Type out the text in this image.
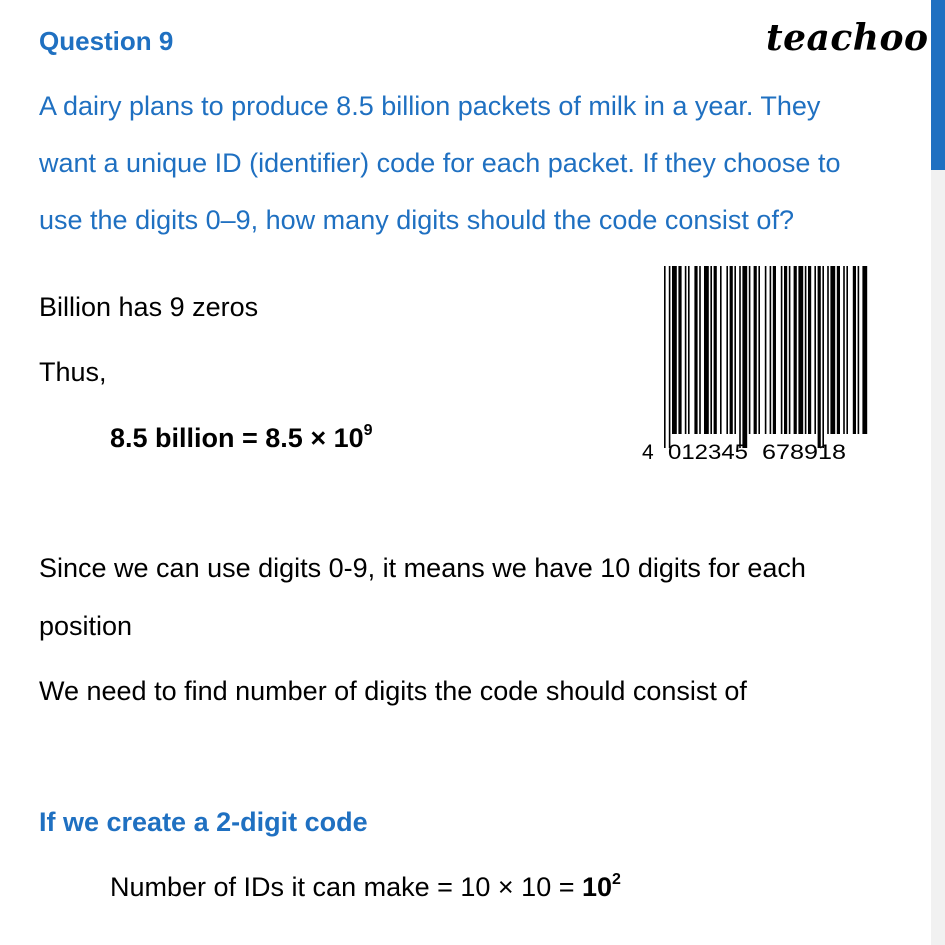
Question 9	teachoo
A dairy plans to produce 8.5 billion packets of milk in a year. They
want a unique ID (identifier) code for each packet. If they choose to
use the digits 0–9, how many digits should the code consist of?
Billion has 9 zeros
Thus,
8.5 billion = $8.5 \times 10^9$
4 012345 678918
Since we can use digits 0-9, it means we have 10 digits for each
position
We need to find number of digits the code should consist of
If we create a 2-digit code
Number of IDs it can make = $10 \times 10 = 10^2$
